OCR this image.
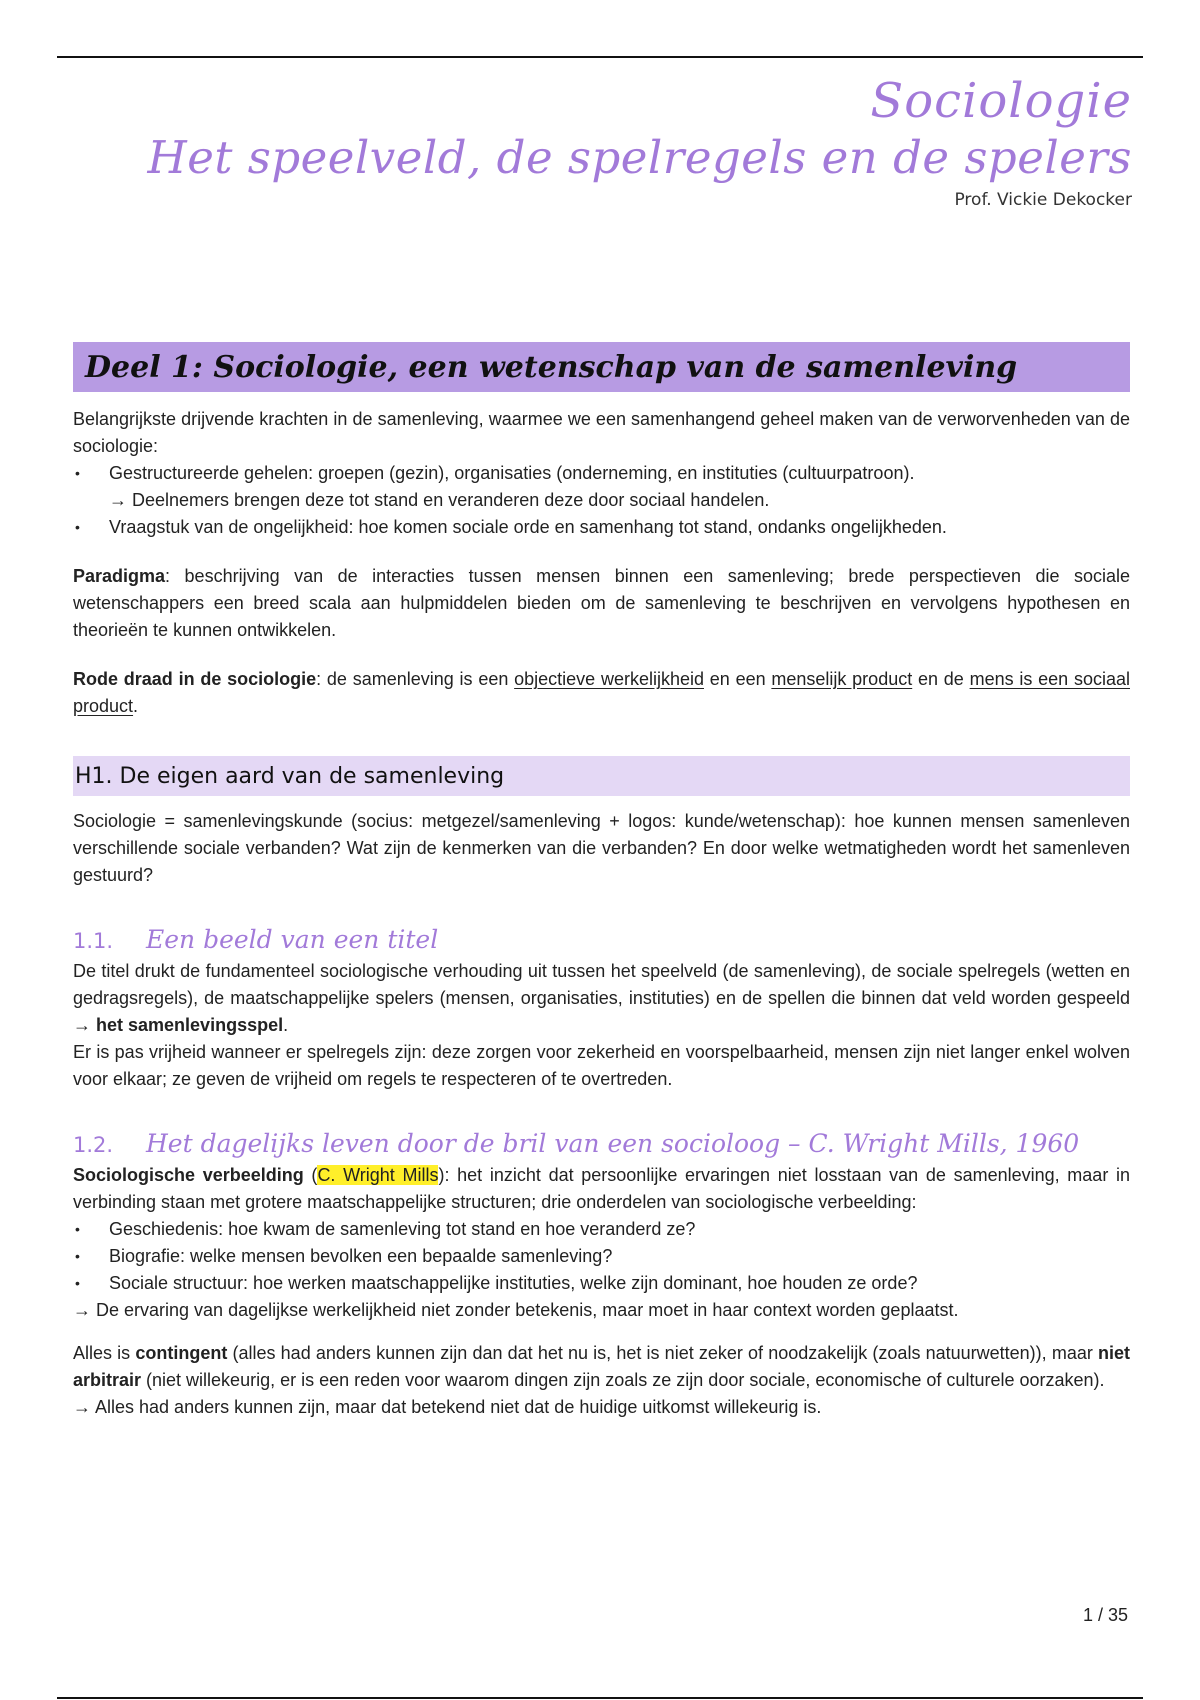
Sociologie
Het speelveld, de spelregels en de spelers
Prof. Vickie Dekocker
Deel 1: Sociologie, een wetenschap van de samenleving

Belangrijkste drijvende krachten in de samenleving, waarmee we een samenhangend geheel maken van de verworvenheden van de sociologie:

• Gestructureerde gehelen: groepen (gezin), organisaties (onderneming, en instituties (cultuurpatroon).
→ Deelnemers brengen deze tot stand en veranderen deze door sociaal handelen.
• Vraagstuk van de ongelijkheid: hoe komen sociale orde en samenhang tot stand, ondanks ongelijkheden.

Paradigma: beschrijving van de interacties tussen mensen binnen een samenleving; brede perspectieven die sociale wetenschappers een breed scala aan hulpmiddelen bieden om de samenleving te beschrijven en vervolgens hypothesen en theorieën te kunnen ontwikkelen.

Rode draad in de sociologie: de samenleving is een objectieve werkelijkheid en een menselijk product en de mens is een sociaal product.

H1. De eigen aard van de samenleving

Sociologie = samenlevingskunde (socius: metgezel/samenleving + logos: kunde/wetenschap): hoe kunnen mensen samenleven verschillende sociale verbanden? Wat zijn de kenmerken van die verbanden? En door welke wetmatigheden wordt het samenleven gestuurd?

1.1.	Een beeld van een titel

De titel drukt de fundamenteel sociologische verhouding uit tussen het speelveld (de samenleving), de sociale spelregels (wetten en gedragsregels), de maatschappelijke spelers (mensen, organisaties, instituties) en de spellen die binnen dat veld worden gespeeld → het samenlevingsspel.

Er is pas vrijheid wanneer er spelregels zijn: deze zorgen voor zekerheid en voorspelbaarheid, mensen zijn niet langer enkel wolven voor elkaar; ze geven de vrijheid om regels te respecteren of te overtreden.

1.2.	Het dagelijks leven door de bril van een socioloog – C. Wright Mills, 1960

Sociologische verbeelding (C. Wright Mills): het inzicht dat persoonlijke ervaringen niet losstaan van de samenleving, maar in verbinding staan met grotere maatschappelijke structuren; drie onderdelen van sociologische verbeelding:

• Geschiedenis: hoe kwam de samenleving tot stand en hoe veranderd ze?
• Biografie: welke mensen bevolken een bepaalde samenleving?
• Sociale structuur: hoe werken maatschappelijke instituties, welke zijn dominant, hoe houden ze orde?

→ De ervaring van dagelijkse werkelijkheid niet zonder betekenis, maar moet in haar context worden geplaatst.

Alles is contingent (alles had anders kunnen zijn dan dat het nu is, het is niet zeker of noodzakelijk (zoals natuurwetten)), maar niet arbitrair (niet willekeurig, er is een reden voor waarom dingen zijn zoals ze zijn door sociale, economische of culturele oorzaken).

→ Alles had anders kunnen zijn, maar dat betekend niet dat de huidige uitkomst willekeurig is.

1 / 35
